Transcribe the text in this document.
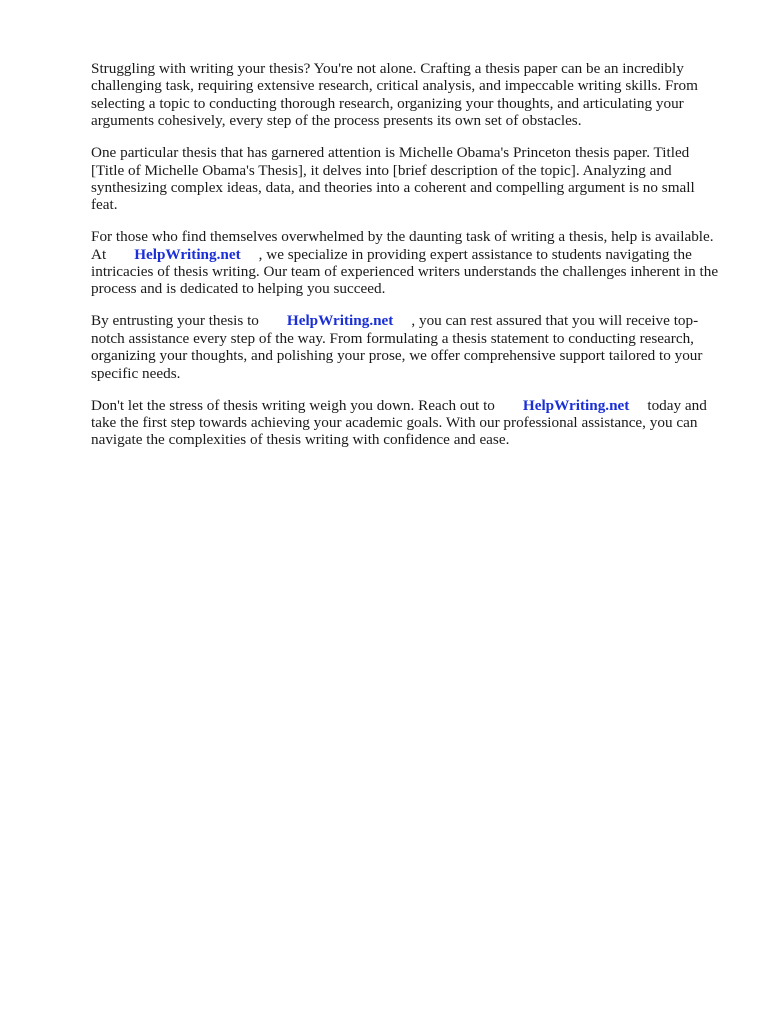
Struggling with writing your thesis? You're not alone. Crafting a thesis paper can be an incredibly challenging task, requiring extensive research, critical analysis, and impeccable writing skills. From selecting a topic to conducting thorough research, organizing your thoughts, and articulating your arguments cohesively, every step of the process presents its own set of obstacles.

One particular thesis that has garnered attention is Michelle Obama's Princeton thesis paper. Titled [Title of Michelle Obama's Thesis], it delves into [brief description of the topic]. Analyzing and synthesizing complex ideas, data, and theories into a coherent and compelling argument is no small feat.

For those who find themselves overwhelmed by the daunting task of writing a thesis, help is available. At HelpWriting.net , we specialize in providing expert assistance to students navigating the intricacies of thesis writing. Our team of experienced writers understands the challenges inherent in the process and is dedicated to helping you succeed.

By entrusting your thesis to HelpWriting.net , you can rest assured that you will receive top-notch assistance every step of the way. From formulating a thesis statement to conducting research, organizing your thoughts, and polishing your prose, we offer comprehensive support tailored to your specific needs.

Don't let the stress of thesis writing weigh you down. Reach out to HelpWriting.net today and take the first step towards achieving your academic goals. With our professional assistance, you can navigate the complexities of thesis writing with confidence and ease.
